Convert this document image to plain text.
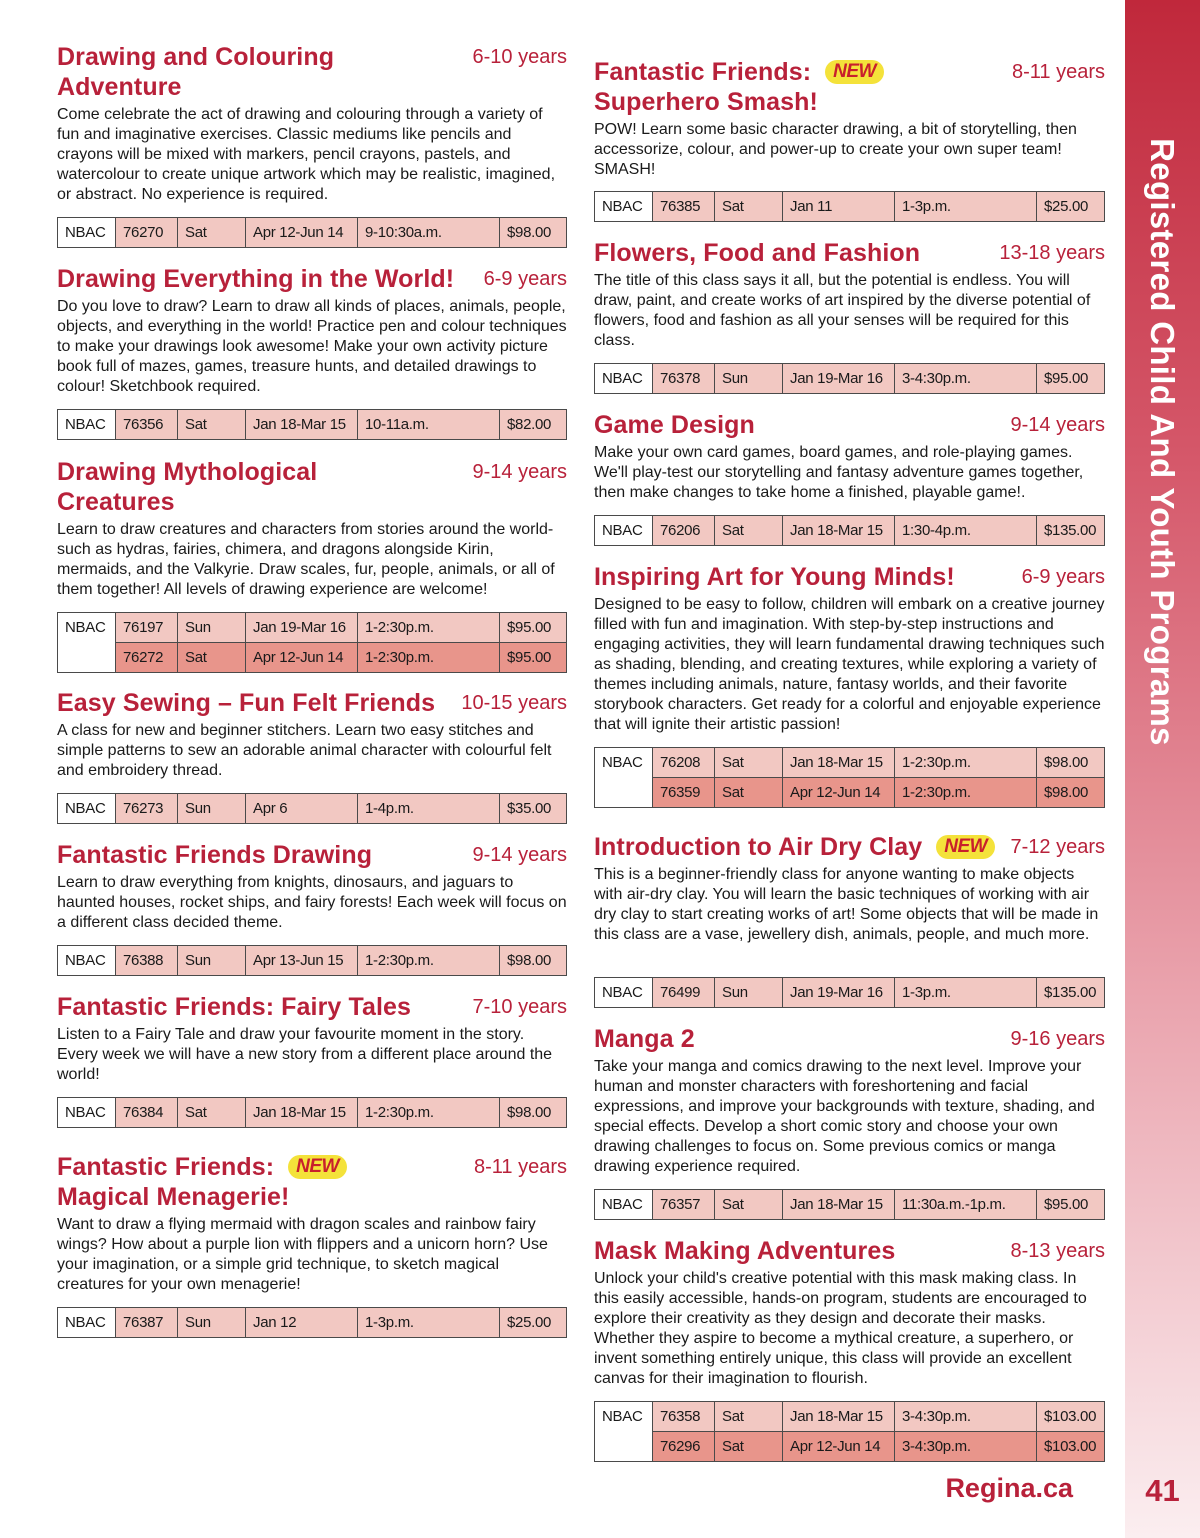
Drawing and Colouring
Adventure
6-10 years
Come celebrate the act of drawing and colouring through a variety of fun and imaginative exercises. Classic mediums like pencils and crayons will be mixed with markers, pencil crayons, pastels, and watercolour to create unique artwork which may be realistic, imagined, or abstract. No experience is required.
NBAC	76270	Sat	Apr 12-Jun 14	9-10:30a.m.	$98.00
Drawing Everything in the World!	6-9 years
Do you love to draw? Learn to draw all kinds of places, animals, people, objects, and everything in the world! Practice pen and colour techniques to make your drawings look awesome! Make your own activity picture book full of mazes, games, treasure hunts, and detailed drawings to colour! Sketchbook required.
NBAC	76356	Sat	Jan 18-Mar 15	10-11a.m.	$82.00
Drawing Mythological
Creatures
9-14 years
Learn to draw creatures and characters from stories around the world- such as hydras, fairies, chimera, and dragons alongside Kirin, mermaids, and the Valkyrie. Draw scales, fur, people, animals, or all of them together! All levels of drawing experience are welcome!
NBAC	76197	Sun	Jan 19-Mar 16	1-2:30p.m.	$95.00
	76272	Sat	Apr 12-Jun 14	1-2:30p.m.	$95.00
Easy Sewing – Fun Felt Friends	10-15 years
A class for new and beginner stitchers. Learn two easy stitches and simple patterns to sew an adorable animal character with colourful felt and embroidery thread.
NBAC	76273	Sun	Apr 6	1-4p.m.	$35.00
Fantastic Friends Drawing	9-14 years
Learn to draw everything from knights, dinosaurs, and jaguars to haunted houses, rocket ships, and fairy forests! Each week will focus on a different class decided theme.
NBAC	76388	Sun	Apr 13-Jun 15	1-2:30p.m.	$98.00
Fantastic Friends: Fairy Tales	7-10 years
Listen to a Fairy Tale and draw your favourite moment in the story. Every week we will have a new story from a different place around the world!
NBAC	76384	Sat	Jan 18-Mar 15	1-2:30p.m.	$98.00
Fantastic Friends: NEW
Magical Menagerie!
8-11 years
Want to draw a flying mermaid with dragon scales and rainbow fairy wings? How about a purple lion with flippers and a unicorn horn? Use your imagination, or a simple grid technique, to sketch magical creatures for your own menagerie!
NBAC	76387	Sun	Jan 12	1-3p.m.	$25.00
Fantastic Friends: NEW
Superhero Smash!
8-11 years
POW! Learn some basic character drawing, a bit of storytelling, then accessorize, colour, and power-up to create your own super team! SMASH!
NBAC	76385	Sat	Jan 11	1-3p.m.	$25.00
Flowers, Food and Fashion	13-18 years
The title of this class says it all, but the potential is endless. You will draw, paint, and create works of art inspired by the diverse potential of flowers, food and fashion as all your senses will be required for this class.
NBAC	76378	Sun	Jan 19-Mar 16	3-4:30p.m.	$95.00
Game Design	9-14 years
Make your own card games, board games, and role-playing games. We'll play-test our storytelling and fantasy adventure games together, then make changes to take home a finished, playable game!.
NBAC	76206	Sat	Jan 18-Mar 15	1:30-4p.m.	$135.00
Inspiring Art for Young Minds!	6-9 years
Designed to be easy to follow, children will embark on a creative journey filled with fun and imagination. With step-by-step instructions and engaging activities, they will learn fundamental drawing techniques such as shading, blending, and creating textures, while exploring a variety of themes including animals, nature, fantasy worlds, and their favorite storybook characters. Get ready for a colorful and enjoyable experience that will ignite their artistic passion!
NBAC	76208	Sat	Jan 18-Mar 15	1-2:30p.m.	$98.00
	76359	Sat	Apr 12-Jun 14	1-2:30p.m.	$98.00
Introduction to Air Dry Clay NEW	7-12 years
This is a beginner-friendly class for anyone wanting to make objects with air-dry clay. You will learn the basic techniques of working with air dry clay to start creating works of art! Some objects that will be made in this class are a vase, jewellery dish, animals, people, and much more.
NBAC	76499	Sun	Jan 19-Mar 16	1-3p.m.	$135.00
Manga 2	9-16 years
Take your manga and comics drawing to the next level. Improve your human and monster characters with foreshortening and facial expressions, and improve your backgrounds with texture, shading, and special effects. Develop a short comic story and choose your own drawing challenges to focus on. Some previous comics or manga drawing experience required.
NBAC	76357	Sat	Jan 18-Mar 15	11:30a.m.-1p.m.	$95.00
Mask Making Adventures	8-13 years
Unlock your child's creative potential with this mask making class. In this easily accessible, hands-on program, students are encouraged to explore their creativity as they design and decorate their masks. Whether they aspire to become a mythical creature, a superhero, or invent something entirely unique, this class will provide an excellent canvas for their imagination to flourish.
NBAC	76358	Sat	Jan 18-Mar 15	3-4:30p.m.	$103.00
	76296	Sat	Apr 12-Jun 14	3-4:30p.m.	$103.00
Registered Child And Youth Programs
Regina.ca	41
